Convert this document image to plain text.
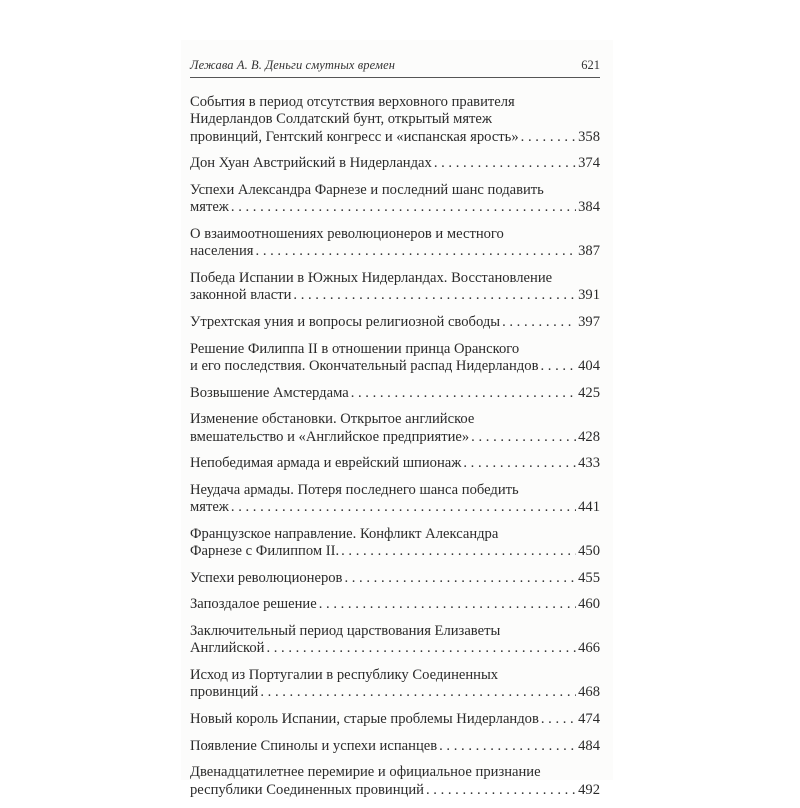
Лежава А. В. Деньги смутных времен	621
События в период отсутствия верховного правителя
Нидерландов Солдатский бунт, открытый мятеж
провинций, Гентский конгресс и «испанская ярость» . . .	358
Дон Хуан Австрийский в Нидерландах . . .	374
Успехи Александра Фарнезе и последний шанс подавить
мятеж . . .	384
О взаимоотношениях революционеров и местного
населения . . .	387
Победа Испании в Южных Нидерландах. Восстановление
законной власти . . .	391
Утрехтская уния и вопросы религиозной свободы . . .	397
Решение Филиппа II в отношении принца Оранского
и его последствия. Окончательный распад Нидерландов . . .	404
Возвышение Амстердама . . .	425
Изменение обстановки. Открытое английское
вмешательство и «Английское предприятие» . . .	428
Непобедимая армада и еврейский шпионаж . . .	433
Неудача армады. Потеря последнего шанса победить
мятеж . . .	441
Французское направление. Конфликт Александра
Фарнезе с Филиппом II. . . .	450
Успехи революционеров . . .	455
Запоздалое решение . . .	460
Заключительный период царствования Елизаветы
Английской . . .	466
Исход из Португалии в республику Соединенных
провинций . . .	468
Новый король Испании, старые проблемы Нидерландов . . .	474
Появление Спинолы и успехи испанцев . . .	484
Двенадцатилетнее перемирие и официальное признание
республики Соединенных провинций . . .	492
